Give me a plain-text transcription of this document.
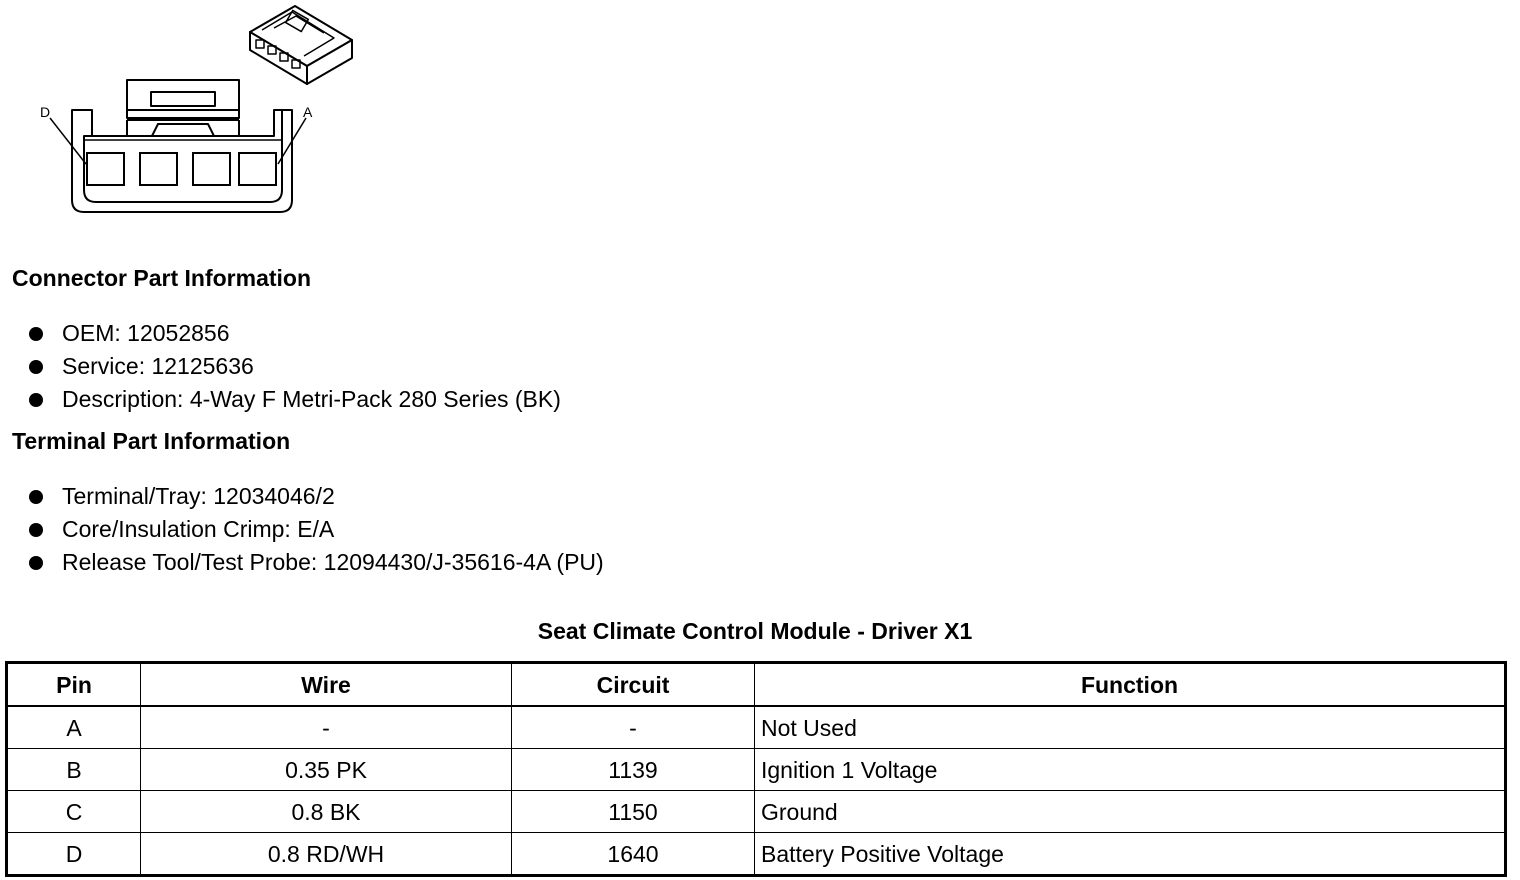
D	A
Connector Part Information
OEM: 12052856
Service: 12125636
Description: 4-Way F Metri-Pack 280 Series (BK)
Terminal Part Information
Terminal/Tray: 12034046/2
Core/Insulation Crimp: E/A
Release Tool/Test Probe: 12094430/J-35616-4A (PU)
Seat Climate Control Module - Driver X1
Pin	Wire	Circuit	Function
A	-	-	Not Used
B	0.35 PK	1139	Ignition 1 Voltage
C	0.8 BK	1150	Ground
D	0.8 RD/WH	1640	Battery Positive Voltage
